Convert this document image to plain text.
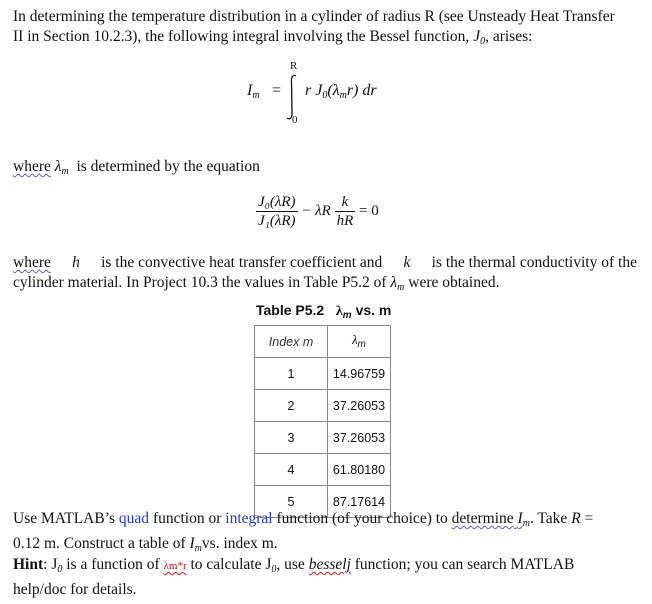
In determining the temperature distribution in a cylinder of radius R (see Unsteady Heat Transfer
II in Section 10.2.3), the following integral involving the Bessel function, $J_0$, arises:
$I_m$ =
R
0
r $J_0(\lambda_mr)$ dr
where $\lambda_m$ is determined by the equation
$\frac{\text{J₀(λR)}}{\text{J₁(λR)}} - \lambda R \frac{k}{hR} = 0$
where h is the convective heat transfer coefficient and k is the thermal conductivity of the
cylinder material. In Project 10.3 the values in Table P5.2 of $\lambda_m$ were obtained.
Table P5.2 $\lambda_m$ vs. m
Index m	$\lambda_m$
1	14.96759
2	37.26053
3	37.26053
4	61.80180
5	87.17614
Use MATLAB’s quad function or integral function (of your choice) to determine $I_m$. Take R =
0.12 m. Construct a table of $I_mvs$. index m.
Hint: $J_0$ is a function of λm*r to calculate $J_0$, use besselj function; you can search MATLAB
help/doc for details.
